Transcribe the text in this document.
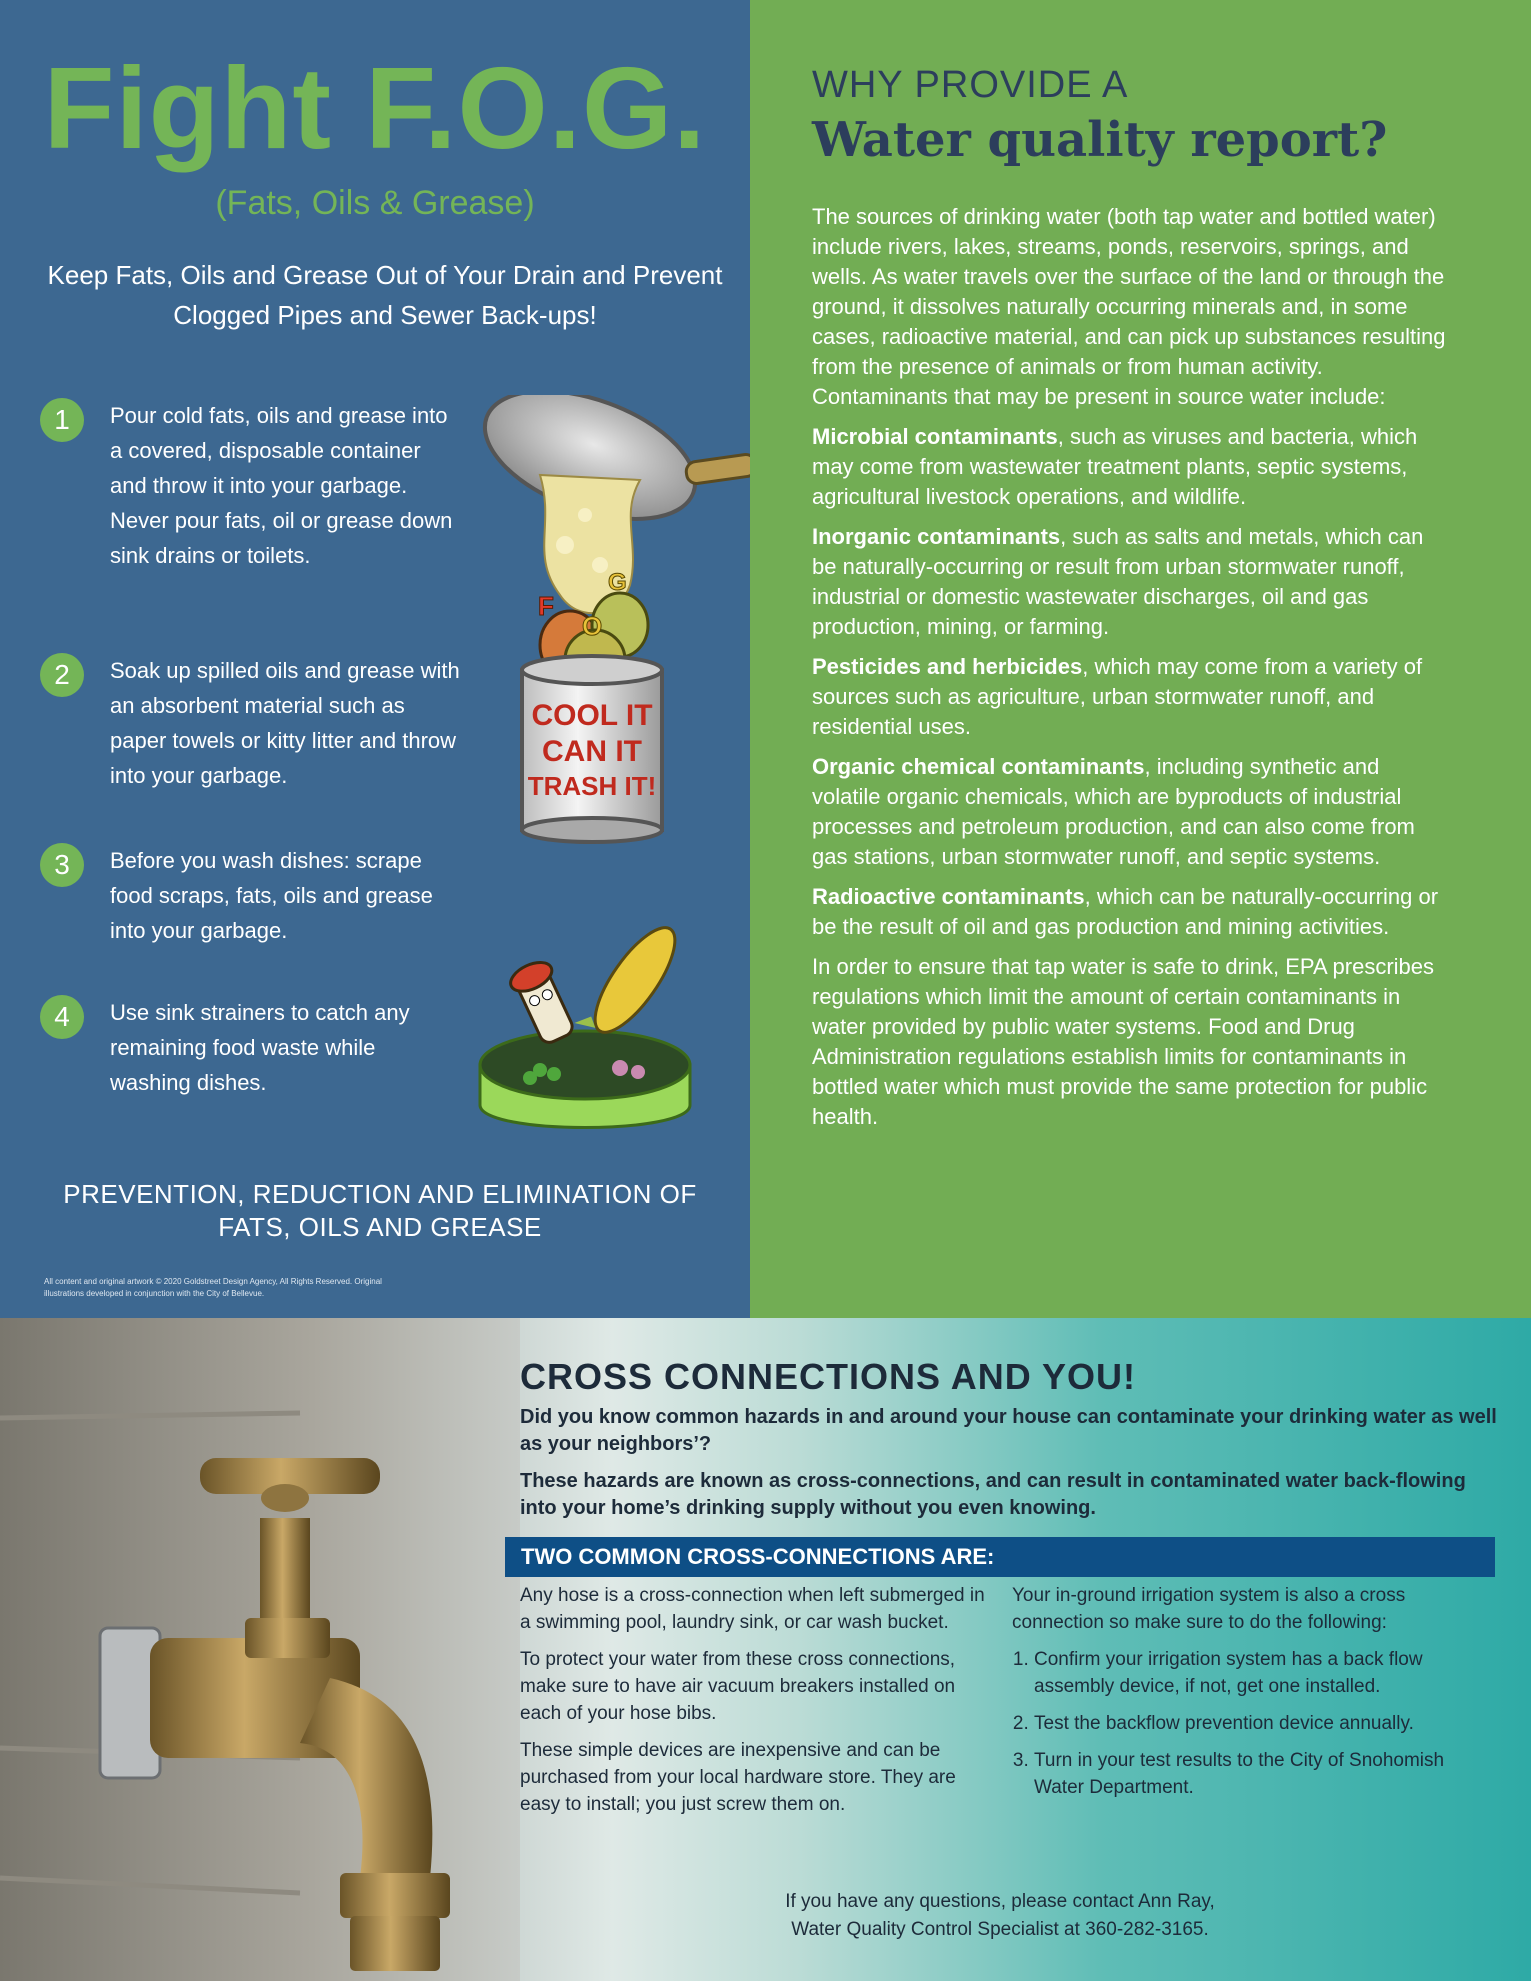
Fight F.O.G.
(Fats, Oils & Grease)
Keep Fats, Oils and Grease Out of Your Drain and Prevent Clogged Pipes and Sewer Back-ups!
1	Pour cold fats, oils and grease into a covered, disposable container and throw it into your garbage. Never pour fats, oil or grease down sink drains or toilets.
2	Soak up spilled oils and grease with an absorbent material such as paper towels or kitty litter and throw into your garbage.
3	Before you wash dishes: scrape food scraps, fats, oils and grease into your garbage.
4	Use sink strainers to catch any remaining food waste while washing dishes.
F
O
G
COOL IT
CAN IT
TRASH IT!
PREVENTION, REDUCTION AND ELIMINATION OF FATS, OILS AND GREASE
All content and original artwork © 2020 Goldstreet Design Agency, All Rights Reserved. Original illustrations developed in conjunction with the City of Bellevue.
WHY PROVIDE A
Water quality report?

The sources of drinking water (both tap water and bottled water) include rivers, lakes, streams, ponds, reservoirs, springs, and wells. As water travels over the surface of the land or through the ground, it dissolves naturally occurring minerals and, in some cases, radioactive material, and can pick up substances resulting from the presence of animals or from human activity. Contaminants that may be present in source water include:

Microbial contaminants, such as viruses and bacteria, which may come from wastewater treatment plants, septic systems, agricultural livestock operations, and wildlife.

Inorganic contaminants, such as salts and metals, which can be naturally-occurring or result from urban stormwater runoff, industrial or domestic wastewater discharges, oil and gas production, mining, or farming.

Pesticides and herbicides, which may come from a variety of sources such as agriculture, urban stormwater runoff, and residential uses.

Organic chemical contaminants, including synthetic and volatile organic chemicals, which are byproducts of industrial processes and petroleum production, and can also come from gas stations, urban stormwater runoff, and septic systems.

Radioactive contaminants, which can be naturally-occurring or be the result of oil and gas production and mining activities.

In order to ensure that tap water is safe to drink, EPA prescribes regulations which limit the amount of certain contaminants in water provided by public water systems. Food and Drug Administration regulations establish limits for contaminants in bottled water which must provide the same protection for public health.

CROSS CONNECTIONS AND YOU!
Did you know common hazards in and around your house can contaminate your drinking water as well as your neighbors’?
These hazards are known as cross-connections, and can result in contaminated water back-flowing into your home’s drinking supply without you even knowing.
TWO COMMON CROSS-CONNECTIONS ARE:

Any hose is a cross-connection when left submerged in a swimming pool, laundry sink, or car wash bucket.

To protect your water from these cross connections, make sure to have air vacuum breakers installed on each of your hose bibs.

These simple devices are inexpensive and can be purchased from your local hardware store. They are easy to install; you just screw them on.

Your in-ground irrigation system is also a cross connection so make sure to do the following:

1. Confirm your irrigation system has a back flow assembly device, if not, get one installed.
2. Test the backflow prevention device annually.
3. Turn in your test results to the City of Snohomish Water Department.
If you have any questions, please contact Ann Ray,
Water Quality Control Specialist at 360-282-3165.
